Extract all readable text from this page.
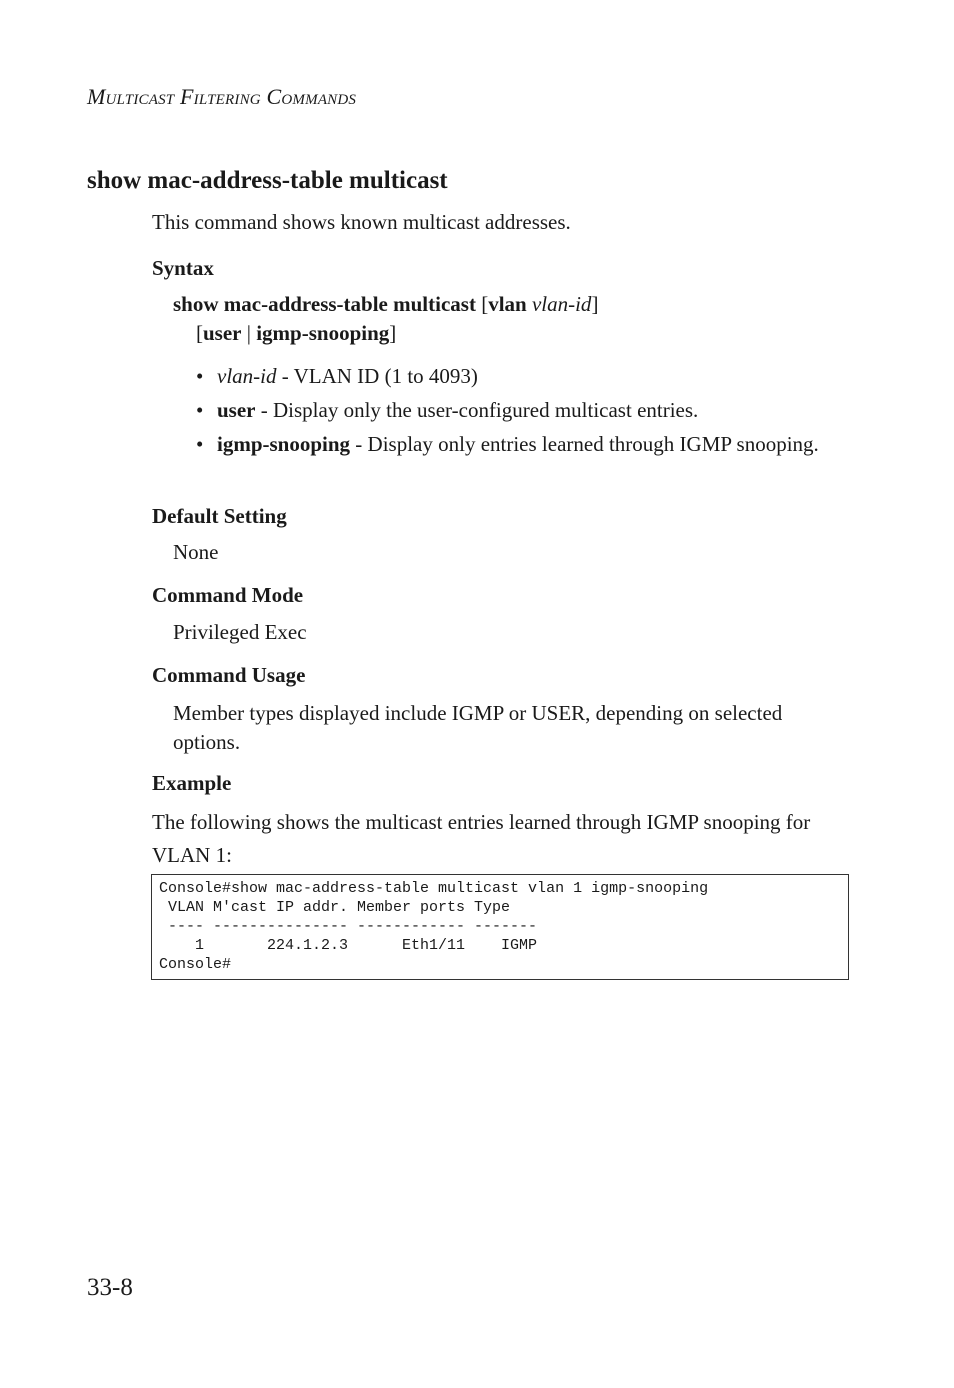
Multicast Filtering Commands
show mac-address-table multicast
This command shows known multicast addresses.
Syntax
show mac-address-table multicast [vlan vlan-id]
[user | igmp-snooping]
• vlan-id - VLAN ID (1 to 4093)
• user - Display only the user-configured multicast entries.
• igmp-snooping - Display only entries learned through IGMP snooping.
Default Setting
None
Command Mode
Privileged Exec
Command Usage
Member types displayed include IGMP or USER, depending on selected options.
Example
The following shows the multicast entries learned through IGMP snooping for VLAN 1:
Console#show mac-address-table multicast vlan 1 igmp-snooping
VLAN M'cast IP addr. Member ports Type
---- --------------- ------------ -------
1       224.1.2.3      Eth1/11    IGMP
Console#
33-8
